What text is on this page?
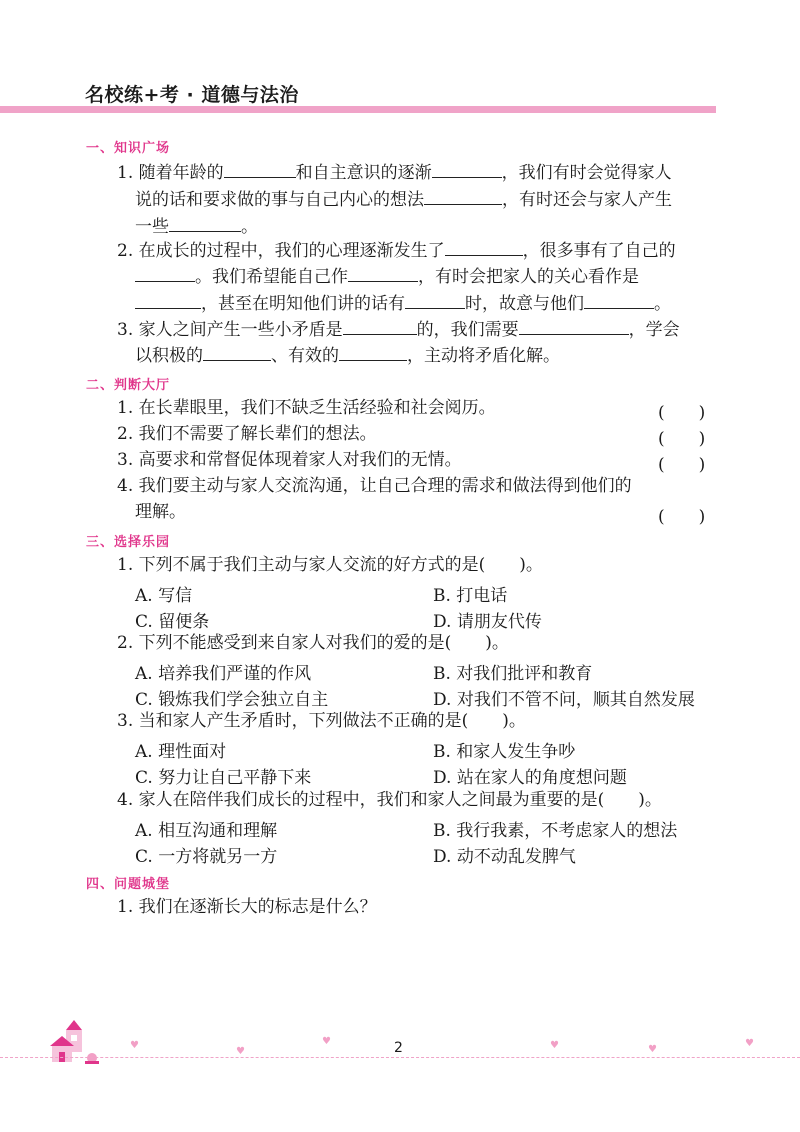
名校练+考 · 道德与法治
一、知识广场
1. 随着年龄的	和自主意识的逐渐	，我们有时会觉得家人
说的话和要求做的事与自己内心的想法	，有时还会与家人产生
一些	。
2. 在成长的过程中，我们的心理逐渐发生了	，很多事有了自己的
。我们希望能自己作	，有时会把家人的关心看作是
，甚至在明知他们讲的话有	时，故意与他们	。
3. 家人之间产生一些小矛盾是	的，我们需要	，学会
以积极的	、有效的	，主动将矛盾化解。
二、判断大厅
1. 在长辈眼里，我们不缺乏生活经验和社会阅历。	(　　)
2. 我们不需要了解长辈们的想法。	(　　)
3. 高要求和常督促体现着家人对我们的无情。	(　　)
4. 我们要主动与家人交流沟通，让自己合理的需求和做法得到他们的
理解。	(　　)
三、选择乐园
1. 下列不属于我们主动与家人交流的好方式的是(　　)。
A. 写信	B. 打电话
C. 留便条	D. 请朋友代传
2. 下列不能感受到来自家人对我们的爱的是(　　)。
A. 培养我们严谨的作风	B. 对我们批评和教育
C. 锻炼我们学会独立自主	D. 对我们不管不问，顺其自然发展
3. 当和家人产生矛盾时，下列做法不正确的是(　　)。
A. 理性面对	B. 和家人发生争吵
C. 努力让自己平静下来	D. 站在家人的角度想问题
4. 家人在陪伴我们成长的过程中，我们和家人之间最为重要的是(　　)。
A. 相互沟通和理解	B. 我行我素，不考虑家人的想法
C. 一方将就另一方	D. 动不动乱发脾气
四、问题城堡
1. 我们在逐渐长大的标志是什么？
♥
♥
♥	♥	♥
♥
2
